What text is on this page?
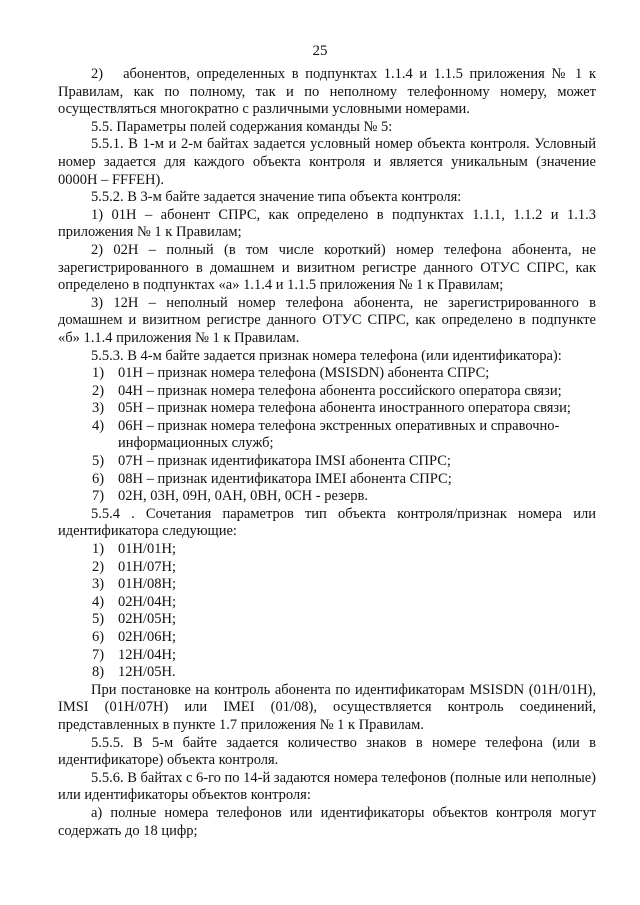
25

2)   абонентов, определенных в подпунктах 1.1.4 и 1.1.5 приложения № 1 к Правилам, как по полному, так и по неполному телефонному номеру, может осуществляться многократно с различными условными номерами.

5.5. Параметры полей содержания команды № 5:

5.5.1. В 1-м и 2-м байтах задается условный номер объекта контроля. Условный номер задается для каждого объекта контроля и является уникальным (значение 0000H – FFFEH).

5.5.2. В 3-м байте задается значение типа объекта контроля:

1) 01H – абонент СПРС, как определено в подпунктах 1.1.1, 1.1.2 и 1.1.3 приложения № 1 к Правилам;

2) 02H – полный (в том числе короткий) номер телефона абонента, не зарегистрированного в домашнем и визитном регистре данного ОТУС СПРС, как определено в подпунктах «а» 1.1.4 и 1.1.5 приложения № 1 к Правилам;

3) 12H – неполный номер телефона абонента, не зарегистрированного в домашнем и визитном регистре данного ОТУС СПРС, как определено в подпункте «б» 1.1.4 приложения № 1 к Правилам.

5.5.3. В 4-м байте задается признак номера телефона (или идентификатора):

1) 01H – признак номера телефона (MSISDN) абонента СПРС;
2) 04H – признак номера телефона абонента российского оператора связи;
3) 05H – признак номера телефона абонента иностранного оператора связи;
4) 06H – признак номера телефона экстренных оперативных и справочно-информационных служб;
5) 07H – признак идентификатора IMSI абонента СПРС;
6) 08H – признак идентификатора IMEI абонента СПРС;
7) 02H, 03H, 09H, 0AH, 0BH, 0CH - резерв.

5.5.4 . Сочетания параметров тип объекта контроля/признак номера или идентификатора следующие:

1) 01H/01H;
2) 01H/07H;
3) 01H/08H;
4) 02H/04H;
5) 02H/05H;
6) 02H/06H;
7) 12H/04H;
8) 12H/05H.

При постановке на контроль абонента по идентификаторам MSISDN (01H/01H), IMSI (01H/07H) или IMEI (01/08), осуществляется контроль соединений, представленных в пункте 1.7 приложения № 1 к Правилам.

5.5.5. В 5-м байте задается количество знаков в номере телефона (или в идентификаторе) объекта контроля.

5.5.6. В байтах с 6-го по 14-й задаются номера телефонов (полные или неполные) или идентификаторы объектов контроля:

а) полные номера телефонов или идентификаторы объектов контроля могут содержать до 18 цифр;
